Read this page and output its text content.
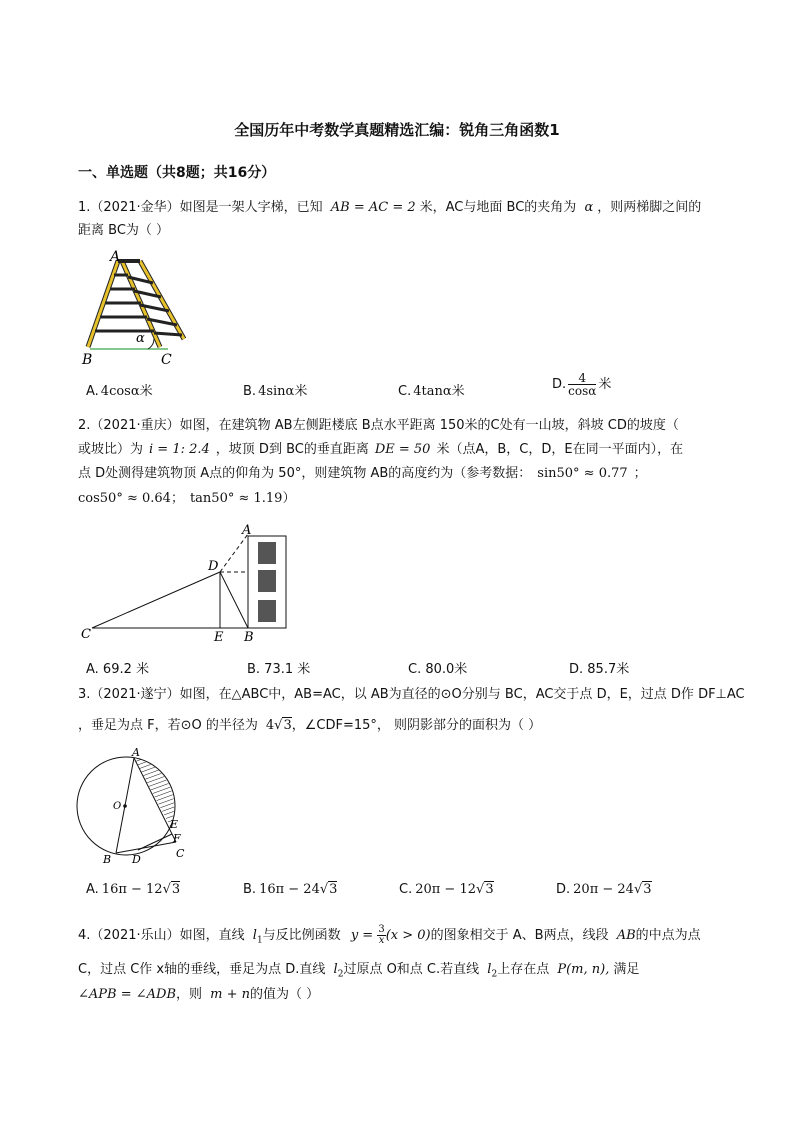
全国历年中考数学真题精选汇编：锐角三角函数1
一、单选题（共8题；共16分）
1.（2021·金华）如图是一架人字梯，已知 AB = AC = 2 米，AC与地面 BC的夹角为 α ，则两梯脚之间的
距离 BC为（ ）
A
B	C
α
A. 4cosα米	B. 4sinα米	C. 4tanα米	D. $\frac{4}{\cos\alpha}$ 米
2.（2021·重庆）如图，在建筑物 AB左侧距楼底 B点水平距离 150米的C处有一山坡，斜坡 CD的坡度（
或坡比）为 i = 1: 2.4 ，坡顶 D到 BC的垂直距离 DE = 50 米（点A，B，C，D，E在同一平面内），在
点 D处测得建筑物顶 A点的仰角为 50°，则建筑物 AB的高度约为（参考数据： sin50° ≈ 0.77 ；
cos50° ≈ 0.64； tan50° ≈ 1.19）
A
D
C	E B
A. 69.2 米	B. 73.1 米	C. 80.0米	D. 85.7米
3.（2021·遂宁）如图，在△ABC中，AB=AC，以 AB为直径的⊙O分别与 BC，AC交于点 D，E，过点 D作 DF⊥AC
，垂足为点 F，若⊙O 的半径为 4√3，∠CDF=15°， 则阴影部分的面积为（ ）
A
O
E
F
B D	C
A. 16π − 12√3	B. 16π − 24√3	C. 20π − 12√3	D. 20π − 24√3
4.（2021·乐山）如图，直线 $l_1$与反比例函数 $y = \frac{3}{x} (x > 0)$的图象相交于 A、B两点，线段 AB的中点为点
C，过点 C作 x轴的垂线，垂足为点 D.直线 $l_2$过原点 O和点 C.若直线 $l_2$上存在点 P(m, n), 满足
∠APB = ∠ADB，则 m + n的值为（ ）
